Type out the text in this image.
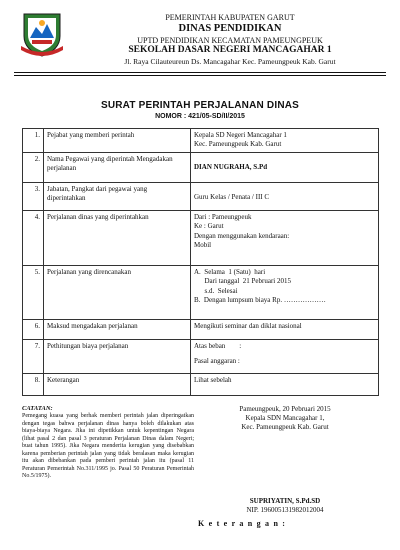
PEMERINTAH KABUPATEN GARUT
DINAS PENDIDIKAN
UPTD PENDIDIKAN KECAMATAN PAMEUNGPEUK
SEKOLAH DASAR NEGERI MANCAGAHAR 1
Jl. Raya Cilauteureun Ds. Mancagahar Kec. Pameungpeuk Kab. Garut
SURAT PERINTAH PERJALANAN DINAS
NOMOR : 421/05-SD/II/2015
1.	Pejabat yang memberi perintah	Kepala SD Negeri Mancagahar 1
Kec. Pameungpeuk Kab. Garut

2.	Nama Pegawai yang diperintah Mengadakan perjalanan	DIAN NUGRAHA, S.Pd

3.	Jabatan, Pangkat dari pegawai yang diperintahkan	Guru Kelas / Penata / III C

4.	Perjalanan dinas yang diperintahkan	Dari : Pameungpeuk
Ke : Garut
Dengan menggunakan kendaraan:
Mobil

5.	Perjalanan yang direncanakan	A.  Selama  1 (Satu)  hari
Dari tanggal  21 Pebruari 2015
s.d.  Selesai
B.  Dengan lumpsum biaya Rp. ………………

6.	Maksud mengadakan perjalanan	Mengikuti seminar dan diklat nasional

7.	Pethitungan biaya perjalanan	Atas beban        :
Pasal anggaran :

8.	Keterangan	Lihat sebelah
CATATAN:
Pemegang kuasa yang berhak memberi perintah jalan diperingatkan dengan tegas bahwa perjalanan dinas hanya boleh dilakukan atas biaya-biaya Negara. Jika ini dipetikkan untuk kepentingan Negara (lihat pasal 2 dan pasal 3 peraturan Perjalanan Dinas dalam Negeri; buat tahun 1995). Jika Negara menderita kerugian yang disebabkan karena pemberian perintah jalan yang tidak beralasan maka kerugian itu akan dibebankan pada pemberi perintah jalan itu (pasal 11 Peraturan Pemerintah No.311/1995 jo. Pasal 50 Peraturan Pemerintah No.5/1975).
Pameungpeuk, 20 Pebruari 2015
Kepala SDN Mancagahar 1,
Kec. Pameungpeuk Kab. Garut
SUPRIYATIN, S.Pd.SD
NIP. 196005131982012004
K e t e r a n g a n :
